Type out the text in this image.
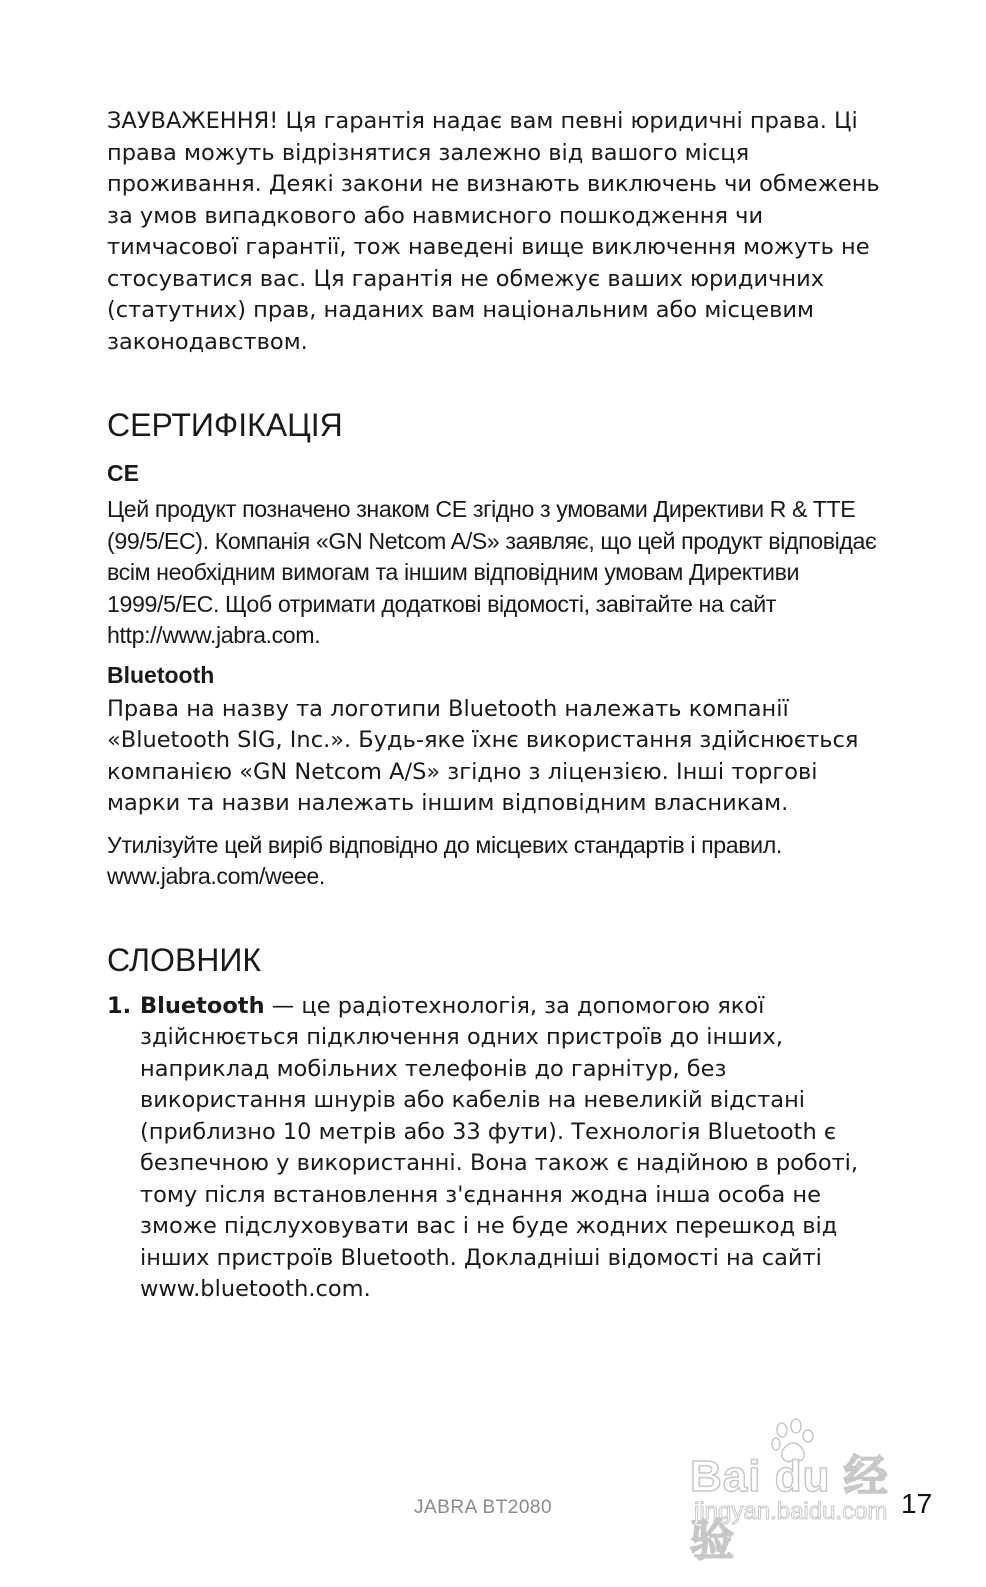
ЗАУВАЖЕННЯ! Ця гарантія надає вам певні юридичні права. Ці права можуть відрізнятися залежно від вашого місця проживання. Деякі закони не визнають виключень чи обмежень за умов випадкового або навмисного пошкодження чи тимчасової гарантії, тож наведені вище виключення можуть не стосуватися вас. Ця гарантія не обмежує ваших юридичних (статутних) прав, наданих вам національним або місцевим законодавством.

СЕРТИФІКАЦІЯ
CE

Цей продукт позначено знаком CE згідно з умовами Директиви R & TTE (99/5/EC). Компанія «GN Netcom A/S» заявляє, що цей продукт відповідає всім необхідним вимогам та іншим відповідним умовам Директиви 1999/5/EC. Щоб отримати додаткові відомості, завітайте на сайт http://www.jabra.com.

Bluetooth

Права на назву та логотипи Bluetooth належать компанії «Bluetooth SIG, Inc.». Будь-яке їхнє використання здійснюється компанією «GN Netcom A/S» згідно з ліцензією. Інші торгові марки та назви належать іншим відповідним власникам.

Утилізуйте цей виріб відповідно до місцевих стандартів і правил. www.jabra.com/weee.

СЛОВНИК
1. Bluetooth — це радіотехнологія, за допомогою якої здійснюється підключення одних пристроїв до інших, наприклад мобільних телефонів до гарнітур, без використання шнурів або кабелів на невеликій відстані (приблизно 10 метрів або 33 фути). Технологія Bluetooth є безпечною у використанні. Вона також є надійною в роботі, тому після встановлення з'єднання жодна інша особа не зможе підслуховувати вас і не буде жодних перешкод від інших пристроїв Bluetooth. Докладніші відомості на сайті www.bluetooth.com.

Bai du 经验
jingyan.baidu.com
JABRA BT2080	17
